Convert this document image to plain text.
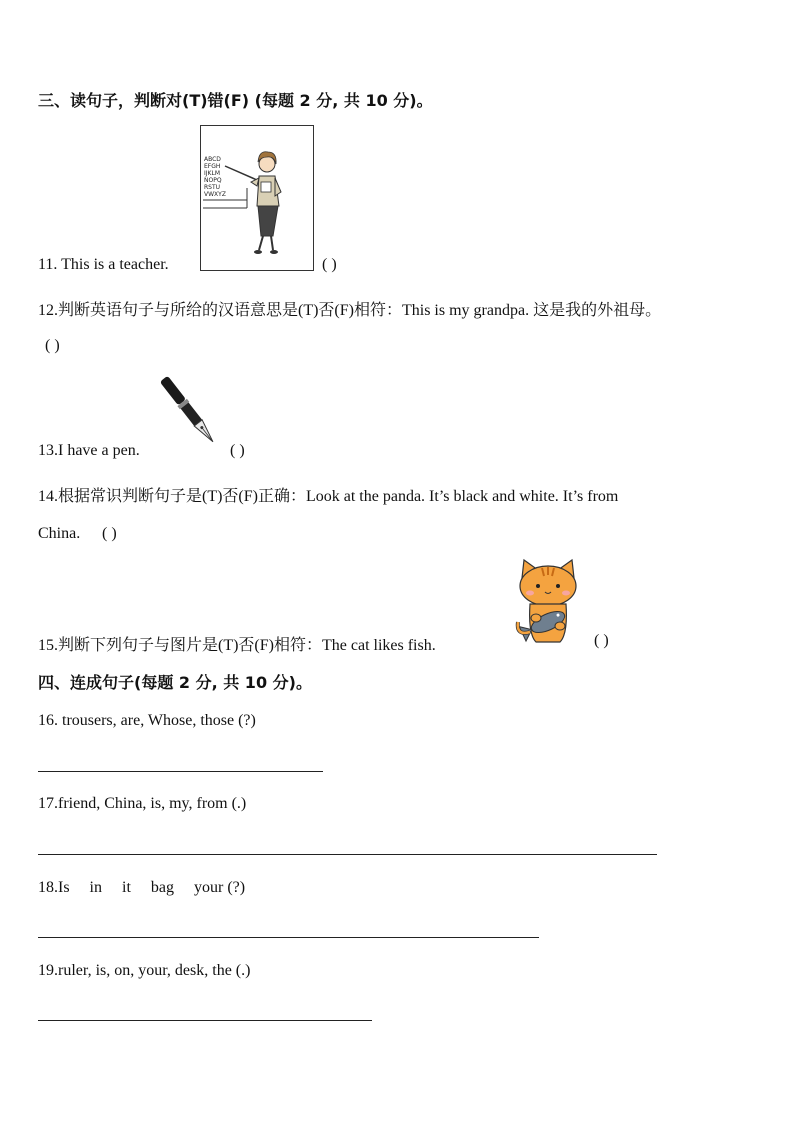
三、读句子，判断对(T)错(F) (每题 2 分, 共 10 分)。
11. This is a teacher.
ABCD
EFGH
IJKLM
NOPQ
RSTU
VWXYZ
( )
12.判断英语句子与所给的汉语意思是(T)否(F)相符：This is my grandpa. 这是我的外祖母。
( )
13.I have a pen.	( )
14.根据常识判断句子是(T)否(F)正确：Look at the panda. It’s black and white. It’s from
China. ( )
15.判断下列句子与图片是(T)否(F)相符：The cat likes fish.	( )
四、连成句子(每题 2 分, 共 10 分)。
16. trousers, are, Whose, those (?)
17.friend, China, is, my, from (.)
18.Is     in     it     bag     your (?)
19.ruler, is, on, your, desk, the (.)
